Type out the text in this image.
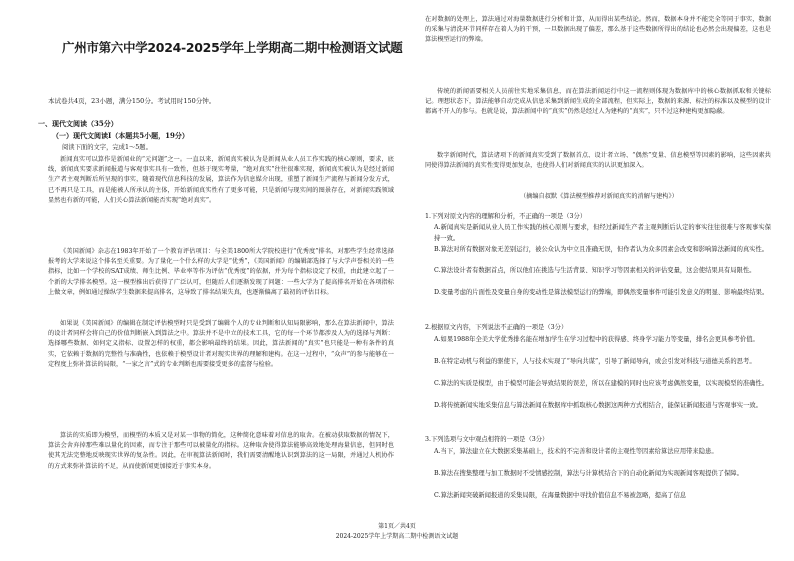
广州市第六中学2024-2025学年上学期高二期中检测语文试题
本试卷共4页，23小题，满分150分。考试用时150分钟。
一、现代文阅读（35分）
（一）现代文阅读Ⅰ（本题共5小题，19分）
阅读下面的文字，完成1～5题。
新闻真实可以算作是新闻业的“元问题”之一。一直以来，新闻真实被认为是新闻从业人员工作实践的核心原则，要求，底线，新闻真实要求新闻报道与客观事实具有一致性，但基于现实考量，“绝对真实”往往很难实现，新闻真实被认为是经过新闻生产者主观判断后所呈现的事实，随着现代信息科技的发展，算法作为信息媒介出现，重塑了新闻生产流程与新闻分发方式，已不再只是工具，而是能被人所承认的主体，开始新闻真实性有了更多可能，只是新闻与现实间的图景存在，对新闻实践领域显然也有新的可能，人们关心算法新闻能否实现“绝对真实”。
《美国新闻》杂志在1983年开始了一个教育评估项目：与全美1800所大学院校进行“优秀度”排名，对那些学生经常选择报考的大学来说这个排名至关重要。为了量化一个什么样的大学是“优秀”，《美国新闻》的编辑部选择了与大学声誉相关的一些指标，比如一个学校的SAT成绩、师生比例、毕业率等作为评估“优秀度”的依据，并为每个指标设定了权重，由此建立起了一个新的大学排名模型。这一模型推出后获得了广泛认可，但随后人们逐渐发现了问题：一些大学为了提高排名开始在各项指标上做文章，例如通过操纵学生数据来提高排名，这导致了排名结果失真，也逐渐偏离了最初的评估目标。
如果说《美国新闻》的编辑在制定评估模型时只是受到了编辑个人的专业判断和认知局限影响，那么在算法新闻中，算法的设计者同样会将自己的价值判断嵌入到算法之中。算法并不是中立的技术工具，它的每一个环节都涉及人为的选择与判断：选择哪些数据、如何定义指标、设置怎样的权重，都会影响最终的结果。因此，算法新闻的“真实”也只能是一种有条件的真实，它依赖于数据的完整性与准确性，也依赖于模型设计者对现实世界的理解和建构。在这一过程中，“众声”的参与能够在一定程度上弥补算法的局限，“一家之言”式的专业判断也需要接受更多的监督与检验。
算法的实质即为模型，而模型的本质又是对某一事物的简化，这种简化意味着对信息的取舍。在被动获取数据的情况下，算法会舍弃掉那些难以量化的因素，而专注于那些可以被量化的指标。这种取舍使得算法能够高效地处理海量信息，但同时也使其无法完整地反映现实世界的复杂性。因此，在审视算法新闻时，我们需要清醒地认识到算法的这一局限，并通过人机协作的方式来弥补算法的不足，从而使新闻更加接近于事实本身。
在对数据的处理上，算法通过对海量数据进行分析和计算，从而得出某些结论。然而，数据本身并不能完全等同于事实，数据的采集与清洗环节同样存在着人为的干预，一旦数据出现了偏差，那么基于这些数据所得出的结论也必然会出现偏差，这也是算法模型运行的弊端。
传统的新闻需要相关人员前往实地采集信息，而在算法新闻运行中这一流程则体现为数据库中的核心数据抓取和关键标记。理想状态下，算法能够自动完成从信息采集到新闻生成的全部流程，但实际上，数据的来源、标注的标准以及模型的设计都离不开人的参与。也就是说，算法新闻中的“真实”仍然是经过人为建构的“真实”，只不过这种建构更加隐蔽。
数字新闻时代，算法诸项下的新闻真实受到了数据首点、设计者立场、“偶然”变量、信息模型等因素的影响，这些因素共同使得算法新闻的真实性变得更加复杂，也使得人们对新闻真实的认识更加深入。
（摘编自叔默《算法模型推荐对新闻真实的消解与建构》）
1.下列对原文内容的理解和分析，不正确的一项是（3分）
A.新闻真实是新闻从业人员工作实践的核心原则与要求，但经过新闻生产者主观判断后认定的事实往往很难与客观事实保持一致。
B.算法对所有数据对象无差别运行，被公众认为中立且准确无误，但作者认为众多因素会改变和影响算法新闻的真实性。
C.算法设计者有数据首点，所以他们在挑选与生活背景、知识学习等因素相关的评估变量，这会使结果具有局限性。
D.变量考虑的片面性及变量自身的变动性是算法模型运行的弊端，即偶然变量事件可能引发意义的明显、影响最终结果。
2.根据原文内容，下列说法不正确的一项是（3分）
A.如果1988年全美大学优秀排名能在增加学生在学习过程中的获得感、终身学习能力等变量，排名会更具参考价值。
B.在特定动机与利益的驱使下，人与技术实现了“导向共谋”，引导了新闻导向，或会引发对科技与道德关系的思考。
C.算法的实质是模型，由于模型可能会导致结果的误差，所以在建模的同时也应该考虑偶然变量，以实现模型的准确性。
D.将传统新闻实地采集信息与算法新闻在数据库中抓取核心数据这两种方式相结合，能保证新闻报道与客观事实一致。
3.下列选项与文中观点相符的一项是（3分）
A.当下，算法建立在大数据采集基础上，技术的不完善和设计者的主观性等因素给算法应用带来隐患。
B.算法在搜集整理与加工数据时不受情感控制，算法与计算机结合下的自动化新闻为实现新闻客观提供了保障。
C.算法新闻突破新闻报道的采集局限，在海量数据中寻找价值信息不易被忽略，提高了信息
第1页／共4页
2024-2025学年上学期高二期中检测语文试题
